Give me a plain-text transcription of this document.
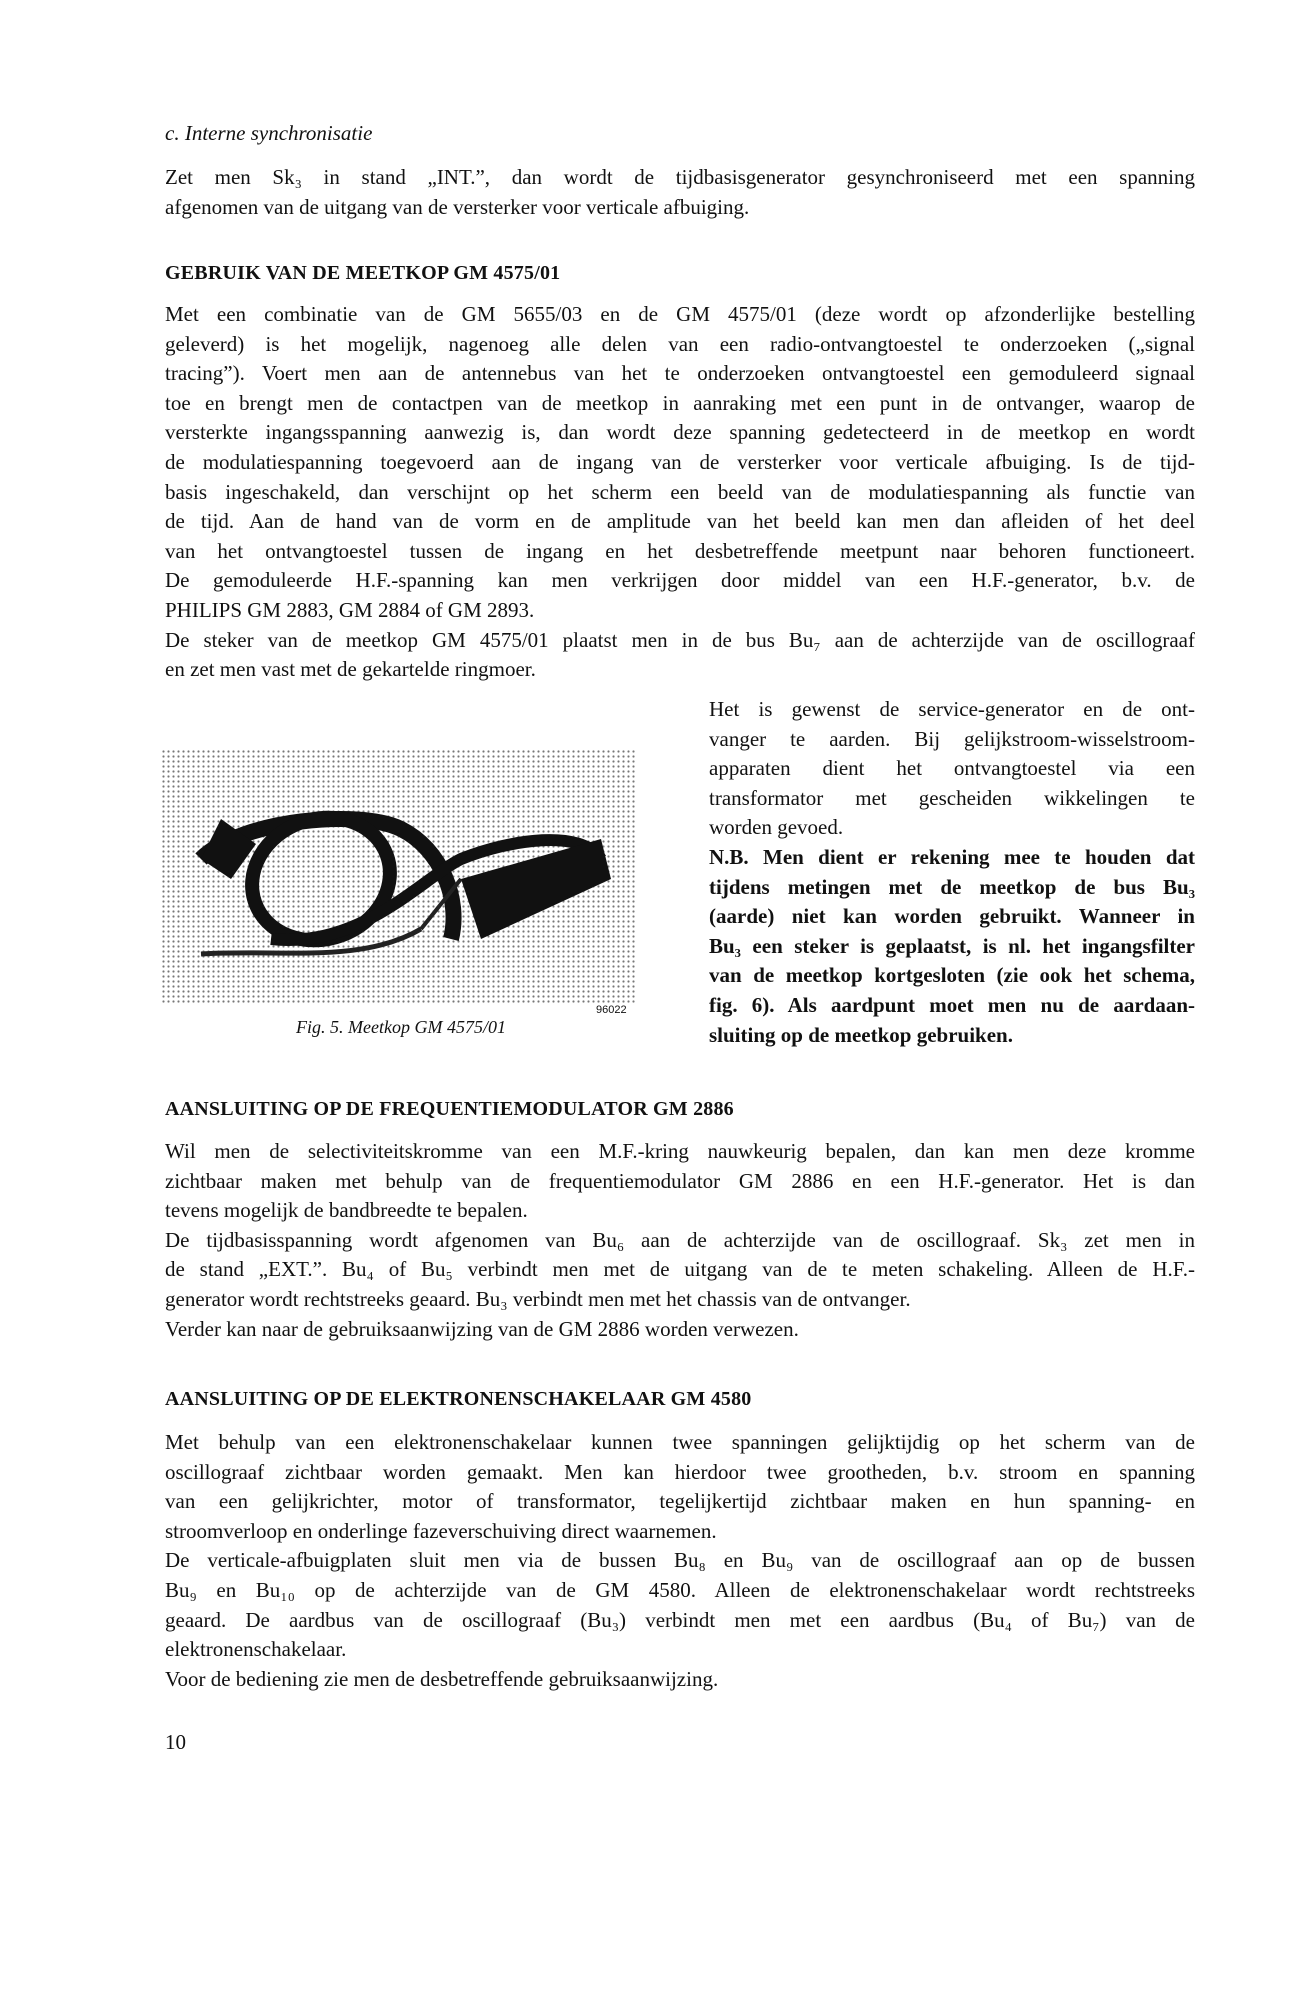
c. Interne synchronisatie
Zet men Sk₃ in stand „INT.”, dan wordt de tijdbasisgenerator gesynchroniseerd met een spanning
afgenomen van de uitgang van de versterker voor verticale afbuiging.
GEBRUIK VAN DE MEETKOP GM 4575/01
Met een combinatie van de GM 5655/03 en de GM 4575/01 (deze wordt op afzonderlijke bestelling
geleverd) is het mogelijk, nagenoeg alle delen van een radio-ontvangtoestel te onderzoeken („signal
tracing”). Voert men aan de antennebus van het te onderzoeken ontvangtoestel een gemoduleerd signaal
toe en brengt men de contactpen van de meetkop in aanraking met een punt in de ontvanger, waarop de
versterkte ingangsspanning aanwezig is, dan wordt deze spanning gedetecteerd in de meetkop en wordt
de modulatiespanning toegevoerd aan de ingang van de versterker voor verticale afbuiging. Is de tijd-
basis ingeschakeld, dan verschijnt op het scherm een beeld van de modulatiespanning als functie van
de tijd. Aan de hand van de vorm en de amplitude van het beeld kan men dan afleiden of het deel
van het ontvangtoestel tussen de ingang en het desbetreffende meetpunt naar behoren functioneert.
De gemoduleerde H.F.-spanning kan men verkrijgen door middel van een H.F.-generator, b.v. de
PHILIPS GM 2883, GM 2884 of GM 2893.
De steker van de meetkop GM 4575/01 plaatst men in de bus Bu₇ aan de achterzijde van de oscillograaf
en zet men vast met de gekartelde ringmoer.
Het is gewenst de service-generator en de ont-
vanger te aarden. Bij gelijkstroom-wisselstroom-
apparaten dient het ontvangtoestel via een
transformator met gescheiden wikkelingen te
worden gevoed.
N.B. Men dient er rekening mee te houden dat
tijdens metingen met de meetkop de bus Bu₃
(aarde) niet kan worden gebruikt. Wanneer in
Bu₃ een steker is geplaatst, is nl. het ingangsfilter
van de meetkop kortgesloten (zie ook het schema,
fig. 6). Als aardpunt moet men nu de aardaan-
sluiting op de meetkop gebruiken.
96022
Fig. 5. Meetkop GM 4575/01
AANSLUITING OP DE FREQUENTIEMODULATOR GM 2886
Wil men de selectiviteitskromme van een M.F.-kring nauwkeurig bepalen, dan kan men deze kromme
zichtbaar maken met behulp van de frequentiemodulator GM 2886 en een H.F.-generator. Het is dan
tevens mogelijk de bandbreedte te bepalen.
De tijdbasisspanning wordt afgenomen van Bu₆ aan de achterzijde van de oscillograaf. Sk₃ zet men in
de stand „EXT.”. Bu₄ of Bu₅ verbindt men met de uitgang van de te meten schakeling. Alleen de H.F.-
generator wordt rechtstreeks geaard. Bu₃ verbindt men met het chassis van de ontvanger.
Verder kan naar de gebruiksaanwijzing van de GM 2886 worden verwezen.
AANSLUITING OP DE ELEKTRONENSCHAKELAAR GM 4580
Met behulp van een elektronenschakelaar kunnen twee spanningen gelijktijdig op het scherm van de
oscillograaf zichtbaar worden gemaakt. Men kan hierdoor twee grootheden, b.v. stroom en spanning
van een gelijkrichter, motor of transformator, tegelijkertijd zichtbaar maken en hun spanning- en
stroomverloop en onderlinge fazeverschuiving direct waarnemen.
De verticale-afbuigplaten sluit men via de bussen Bu₈ en Bu₉ van de oscillograaf aan op de bussen
Bu₉ en Bu₁₀ op de achterzijde van de GM 4580. Alleen de elektronenschakelaar wordt rechtstreeks
geaard. De aardbus van de oscillograaf (Bu₃) verbindt men met een aardbus (Bu₄ of Bu₇) van de
elektronenschakelaar.
Voor de bediening zie men de desbetreffende gebruiksaanwijzing.
10
